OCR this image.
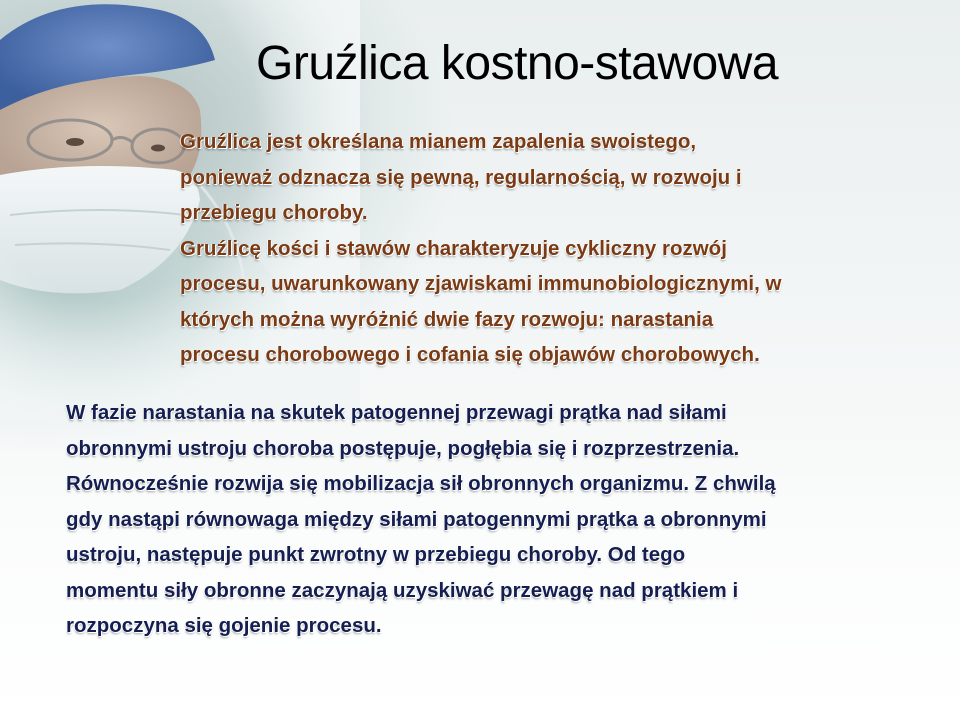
Gruźlica kostno-stawowa
Gruźlica jest określana mianem zapalenia swoistego,
ponieważ odznacza się pewną, regularnością, w rozwoju i
przebiegu choroby.
Gruźlicę kości i stawów charakteryzuje cykliczny rozwój
procesu, uwarunkowany zjawiskami immunobiologicznymi, w
których można wyróżnić dwie fazy rozwoju: narastania
procesu chorobowego i cofania się objawów chorobowych.
W fazie narastania na skutek patogennej przewagi prątka nad siłami
obronnymi ustroju choroba postępuje, pogłębia się i rozprzestrzenia.
Równocześnie rozwija się mobilizacja sił obronnych organizmu. Z chwilą
gdy nastąpi równowaga między siłami patogennymi prątka a obronnymi
ustroju, następuje punkt zwrotny w przebiegu choroby. Od tego
momentu siły obronne zaczynają uzyskiwać przewagę nad prątkiem i
rozpoczyna się gojenie procesu.
